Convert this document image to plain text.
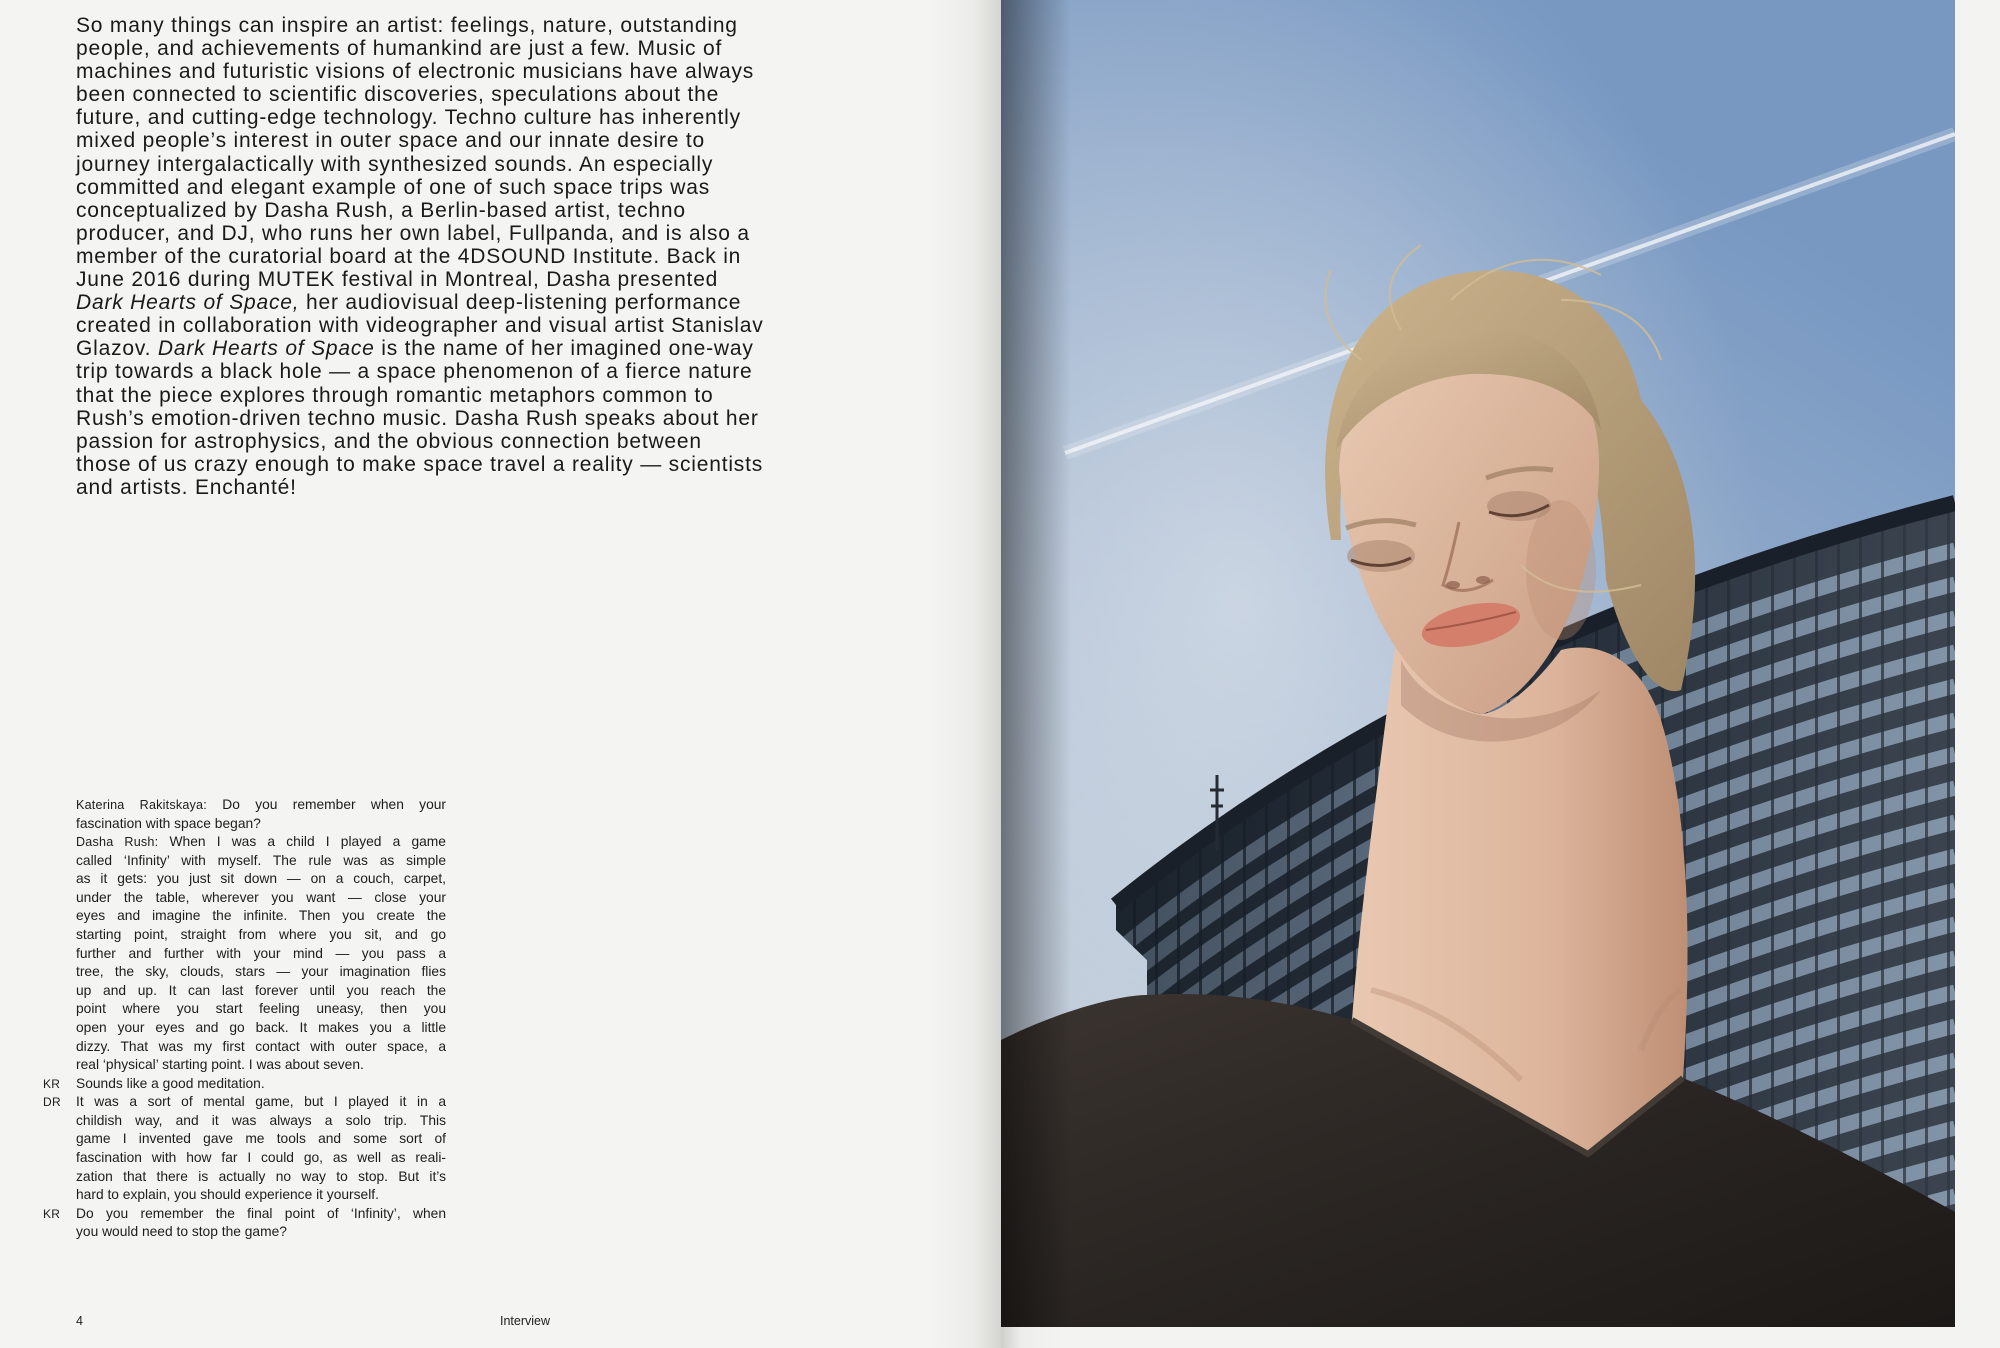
So many things can inspire an artist: feelings, nature, outstanding
people, and achievements of humankind are just a few. Music of
machines and futuristic visions of electronic musicians have always
been connected to scientific discoveries, speculations about the
future, and cutting-edge technology. Techno culture has inherently
mixed people’s interest in outer space and our innate desire to
journey intergalactically with synthesized sounds. An especially
committed and elegant example of one of such space trips was
conceptualized by Dasha Rush, a Berlin-based artist, techno
producer, and DJ, who runs her own label, Fullpanda, and is also a
member of the curatorial board at the 4DSOUND Institute. Back in
June 2016 during MUTEK festival in Montreal, Dasha presented
Dark Hearts of Space, her audiovisual deep-listening performance
created in collaboration with videographer and visual artist Stanislav
Glazov. Dark Hearts of Space is the name of her imagined one-way
trip towards a black hole — a space phenomenon of a fierce nature
that the piece explores through romantic metaphors common to
Rush’s emotion-driven techno music. Dasha Rush speaks about her
passion for astrophysics, and the obvious connection between
those of us crazy enough to make space travel a reality — scientists
and artists. Enchanté!
Katerina Rakitskaya: Do you remember when your
fascination with space began?
Dasha Rush: When I was a child I played a game
called ‘Infinity’ with myself. The rule was as simple
as it gets: you just sit down — on a couch, carpet,
under the table, wherever you want — close your
eyes and imagine the infinite. Then you create the
starting point, straight from where you sit, and go
further and further with your mind — you pass a
tree, the sky, clouds, stars — your imagination flies
up and up. It can last forever until you reach the
point where you start feeling uneasy, then you
open your eyes and go back. It makes you a little
dizzy. That was my first contact with outer space, a
real ‘physical’ starting point. I was about seven.
KR Sounds like a good meditation.
DR It was a sort of mental game, but I played it in a
childish way, and it was always a solo trip. This
game I invented gave me tools and some sort of
fascination with how far I could go, as well as reali-
zation that there is actually no way to stop. But it’s
hard to explain, you should experience it yourself.
KR Do you remember the final point of ‘Infinity’, when
you would need to stop the game?
4	Interview
